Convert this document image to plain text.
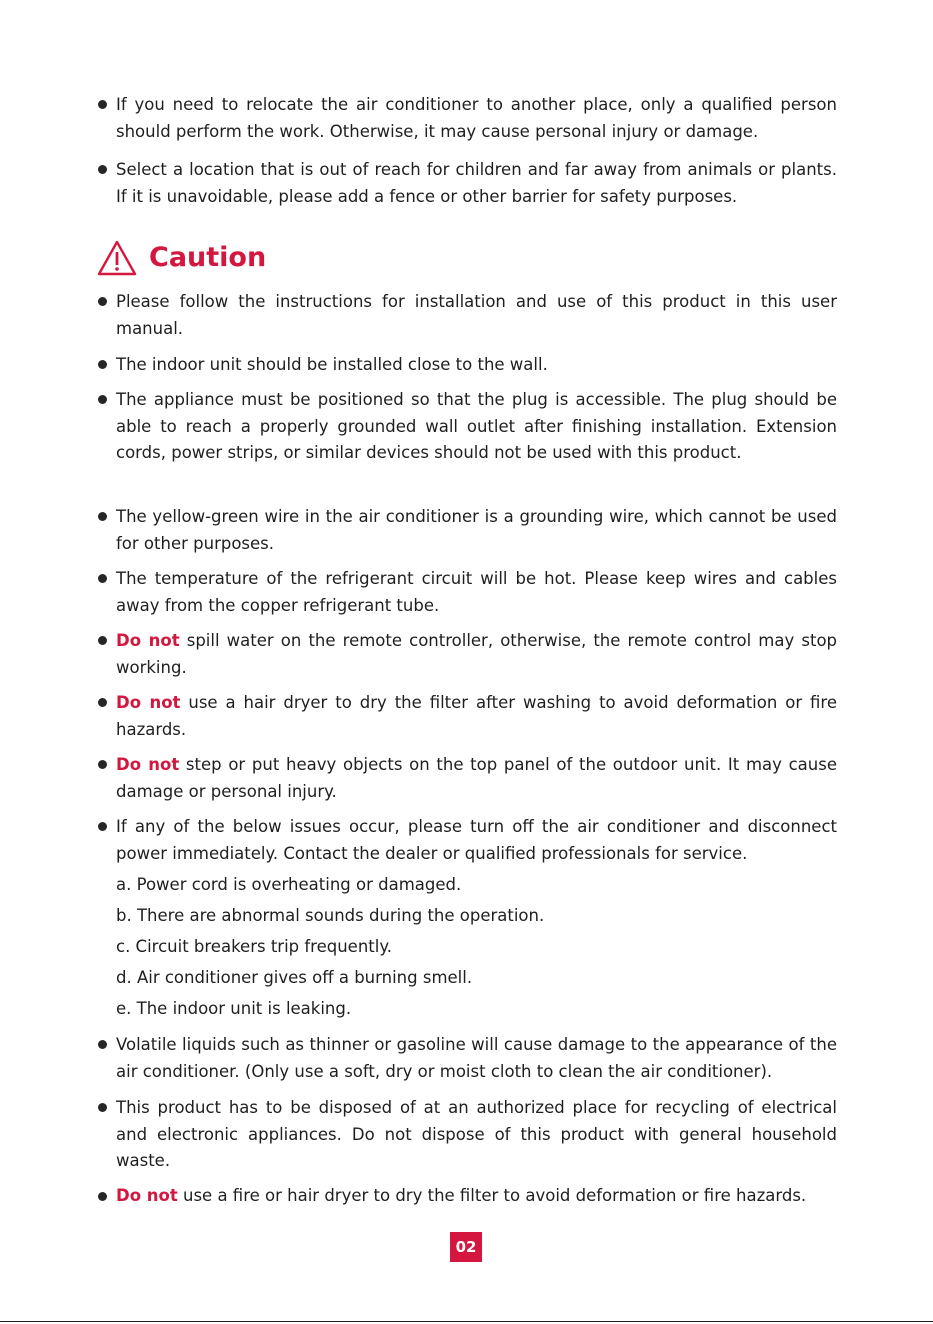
If you need to relocate the air conditioner to another place, only a qualified person should perform the work. Otherwise, it may cause personal injury or damage.
Select a location that is out of reach for children and far away from animals or plants. If it is unavoidable, please add a fence or other barrier for safety purposes.
Caution
Please follow the instructions for installation and use of this product in this user manual.
The indoor unit should be installed close to the wall.
The appliance must be positioned so that the plug is accessible. The plug should be able to reach a properly grounded wall outlet after finishing installation. Extension cords, power strips, or similar devices should not be used with this product.
The yellow-green wire in the air conditioner is a grounding wire, which cannot be used for other purposes.
The temperature of the refrigerant circuit will be hot. Please keep wires and cables away from the copper refrigerant tube.
Do not spill water on the remote controller, otherwise, the remote control may stop working.
Do not use a hair dryer to dry the filter after washing to avoid deformation or fire hazards.
Do not step or put heavy objects on the top panel of the outdoor unit. It may cause damage or personal injury.
If any of the below issues occur, please turn off the air conditioner and disconnect power immediately. Contact the dealer or qualified professionals for service.
a. Power cord is overheating or damaged.
b. There are abnormal sounds during the operation.
c. Circuit breakers trip frequently.
d. Air conditioner gives off a burning smell.
e. The indoor unit is leaking.
Volatile liquids such as thinner or gasoline will cause damage to the appearance of the air conditioner. (Only use a soft, dry or moist cloth to clean the air conditioner).
This product has to be disposed of at an authorized place for recycling of electrical and electronic appliances. Do not dispose of this product with general household waste.
Do not use a fire or hair dryer to dry the filter to avoid deformation or fire hazards.
02
